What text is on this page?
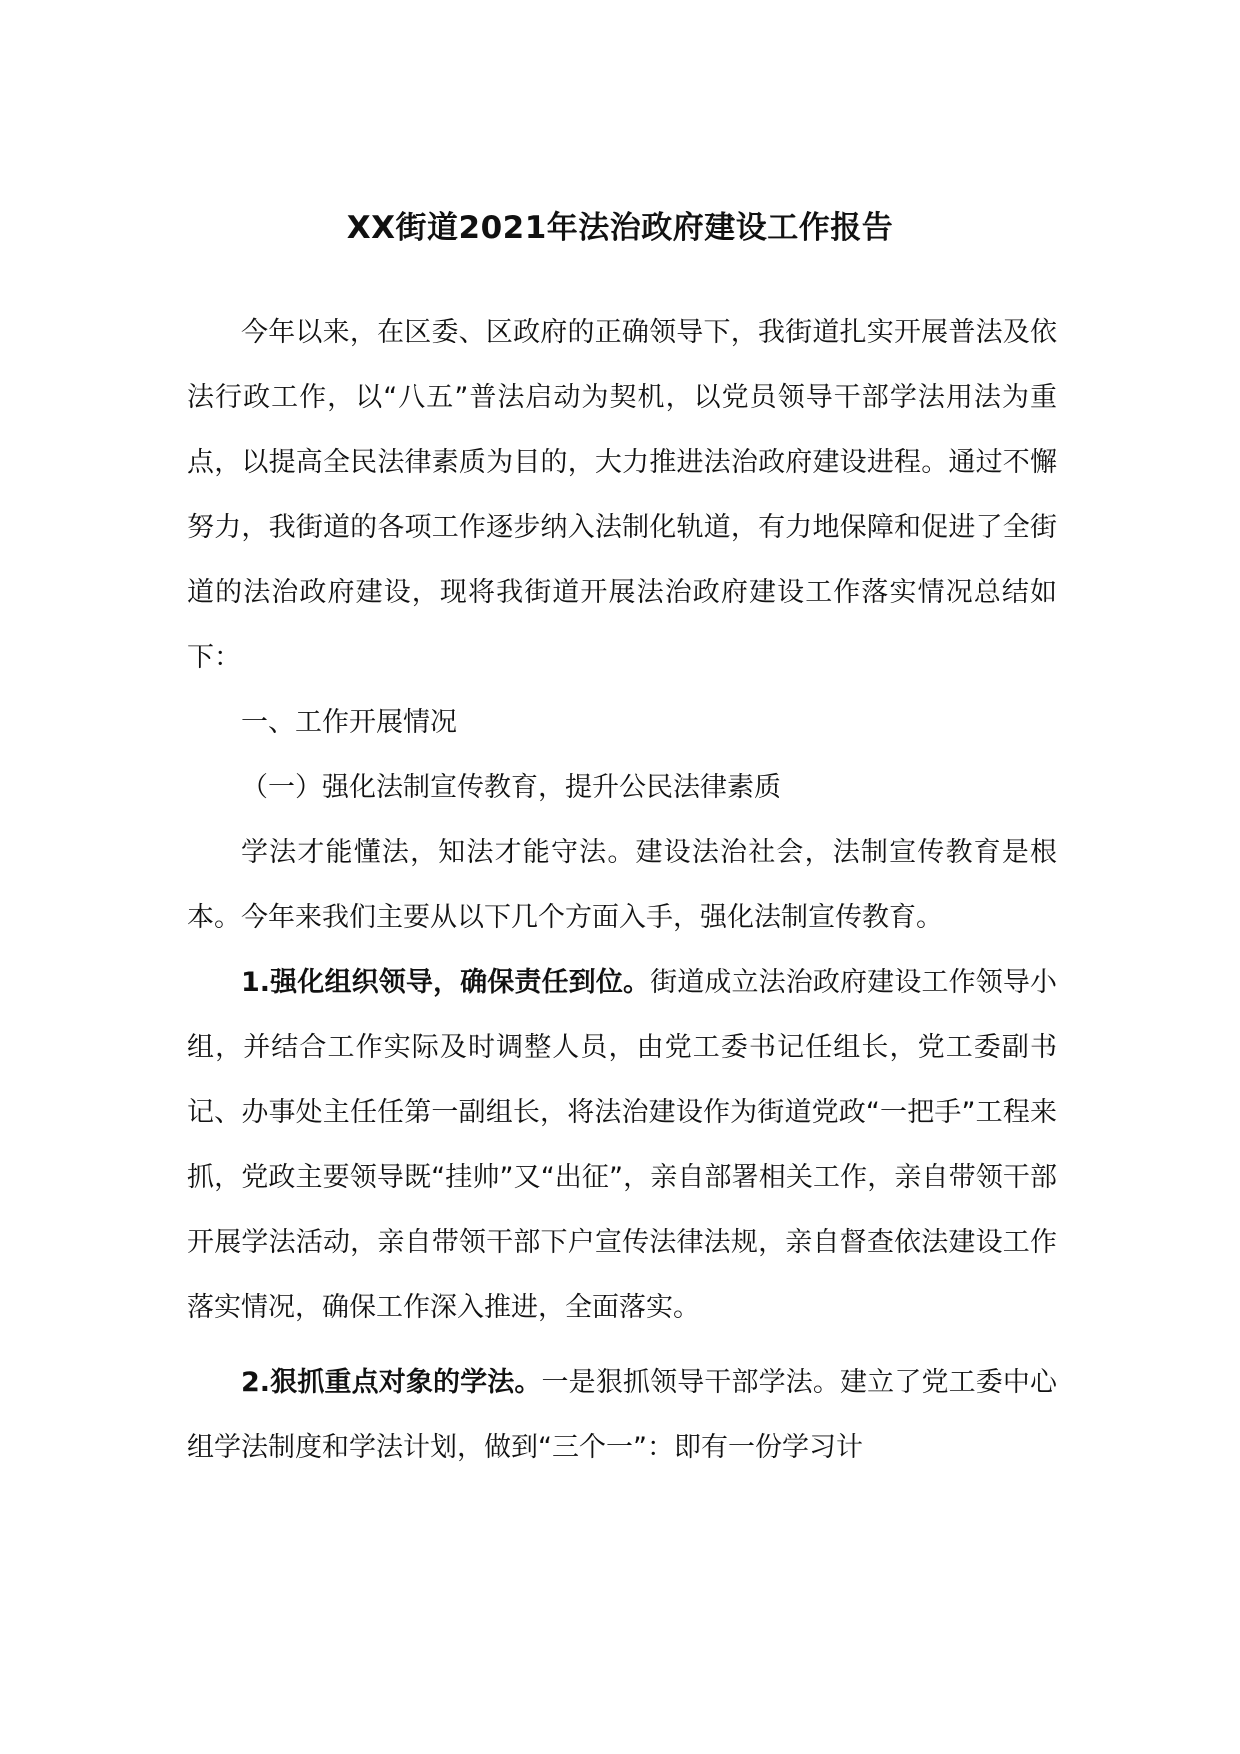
XX街道2021年法治政府建设工作报告

今年以来，在区委、区政府的正确领导下，我街道扎实开展普法及依法行政工作，以“八五”普法启动为契机，以党员领导干部学法用法为重点，以提高全民法律素质为目的，大力推进法治政府建设进程。通过不懈努力，我街道的各项工作逐步纳入法制化轨道，有力地保障和促进了全街道的法治政府建设，现将我街道开展法治政府建设工作落实情况总结如下：

一、工作开展情况

（一）强化法制宣传教育，提升公民法律素质

学法才能懂法，知法才能守法。建设法治社会，法制宣传教育是根本。今年来我们主要从以下几个方面入手，强化法制宣传教育。

1.强化组织领导，确保责任到位。街道成立法治政府建设工作领导小组，并结合工作实际及时调整人员，由党工委书记任组长，党工委副书记、办事处主任任第一副组长，将法治建设作为街道党政“一把手”工程来抓，党政主要领导既“挂帅”又“出征”，亲自部署相关工作，亲自带领干部开展学法活动，亲自带领干部下户宣传法律法规，亲自督查依法建设工作落实情况，确保工作深入推进，全面落实。

2.狠抓重点对象的学法。一是狠抓领导干部学法。建立了党工委中心组学法制度和学法计划，做到“三个一”：即有一份学习计
